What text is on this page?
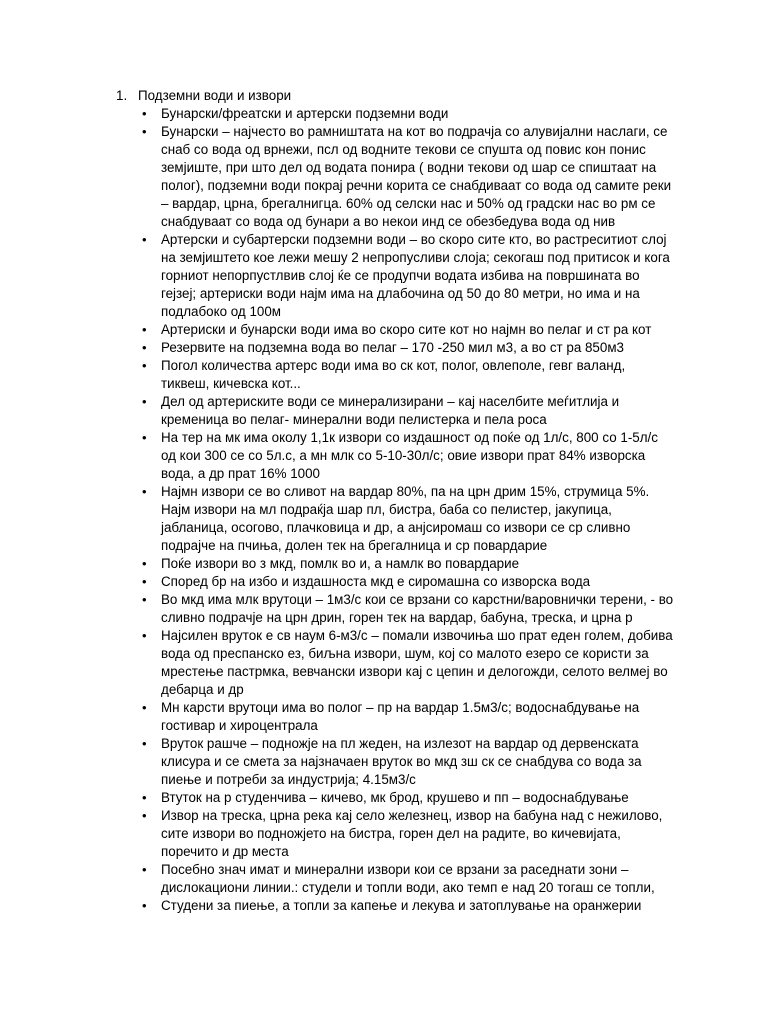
1. Подземни води и извори
• Бунарски/фреатски и артерски подземни води
• Бунарски – најчесто во рамништата на кот во подрачја со алувијални наслаги, се снаб со вода од врнежи, псл од водните текови се спушта од повис кон понис земјиште, при што дел од водата понира ( водни текови од шар се спиштаат на полог), подземни води покрај речни корита се снабдиваат со вода од самите реки – вардар, црна, брегалнигца. 60% од селски нас и 50% од градски нас во рм се снабдуваат со вода од бунари а во некои инд се обезбедува вода од нив
• Артерски и субартерски подземни води – во скоро сите кто, во растреситиот слој на земјиштето кое лежи мешу 2 непропусливи слоја; секогаш под притисок и кога горниот непорпустлвив слој ќе се продупчи водата избива на површината во гејзеј; артериски води најм има на длабочина од 50 до 80 метри, но има и на подлабоко од 100м
• Артериски и бунарски води има во скоро сите кот но најмн во пелаг и ст ра кот
• Резервите на подземна вода во пелаг – 170 -250 мил м3, а во ст ра 850м3
• Погол количества артерс води има во ск кот, полог, овлеполе, гевг валанд, тиквеш, кичевска кот...
• Дел од артериските води се минерализирани – кај населбите меѓитлија и кременица во пелаг- минерални води пелистерка и пела роса
• На тер на мк има околу 1,1к извори со издашност од поќе од 1л/с, 800 со 1-5л/с од кои 300 се со 5л.с, а мн млк со 5-10-30л/с; овие извори прат 84% изворска вода, а др прат 16% 1000
• Најмн извори се во сливот на вардар 80%, па на црн дрим 15%, струмица 5%. Најм извори на мл подраќја шар пл, бистра, баба со пелистер, јакупица, јабланица, осогово, плачковица и др, а анјсиромаш со извори се ср сливно подрајче на пчиња, долен тек на брегалница и ср повардарие
• Поќе извори во з мкд, помлк во и, а намлк во повардарие
• Според бр на избо и издашноста мкд е сиромашна со изворска вода
• Во мкд има млк врутоци – 1м3/с кои се врзани со карстни/варовнички терени, - во сливно подрачје на црн дрин, горен тек на вардар, бабуна, треска, и црна р
• Најсилен вруток е св наум 6-м3/с – помали извочиња шо прат еден голем, добива вода од преспанско ез, биљна извори, шум, кој со малото езеро се користи за мрестење пастрмка, вевчански извори кај с цепин и делогожди, селото велмеј во дебарца и др
• Мн карсти врутоци има во полог – пр на вардар 1.5м3/с; водоснабдување на гостивар и хироцентрала
• Вруток рашче – подножје на пл жеден, на излезот на вардар од дервенската клисура и се смета за најзначаен вруток во мкд зш ск се снабдува со вода за пиење и потреби за индустрија; 4.15м3/с
• Втуток на р студенчива – кичево, мк брод, крушево и пп – водоснабдување
• Извор на треска, црна река кај село железнец, извор на бабуна над с нежилово, сите извори во подножјето на бистра, горен дел на радите, во кичевијата, поречито и др места
• Посебно знач имат и минерални извори кои се врзани за раседнати зони – дислокациони линии.: студели и топли води, ако темп е над 20 тогаш се топли,
• Студени за пиење, а топли за капење и лекува и затоплување на оранжерии
